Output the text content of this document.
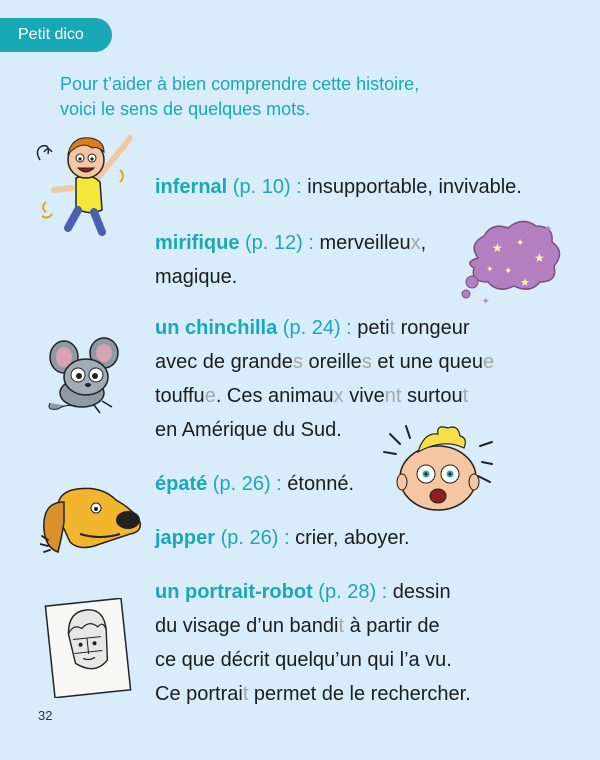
Petit dico
Pour t’aider à bien comprendre cette histoire,
voici le sens de quelques mots.
infernal (p. 10) : insupportable, invivable.
mirifique (p. 12) : merveilleux,
magique.
un chinchilla (p. 24) : petit rongeur
avec de grandes oreilles et une queue
touffue. Ces animaux vivent surtout
en Amérique du Sud.
épaté (p. 26) : étonné.
japper (p. 26) : crier, aboyer.
un portrait-robot (p. 28) : dessin
du visage d’un bandit à partir de
ce que décrit quelqu’un qui l’a vu.
Ce portrait permet de le rechercher.
★ ✦
★
✦
✦
★
✦
✦
32
